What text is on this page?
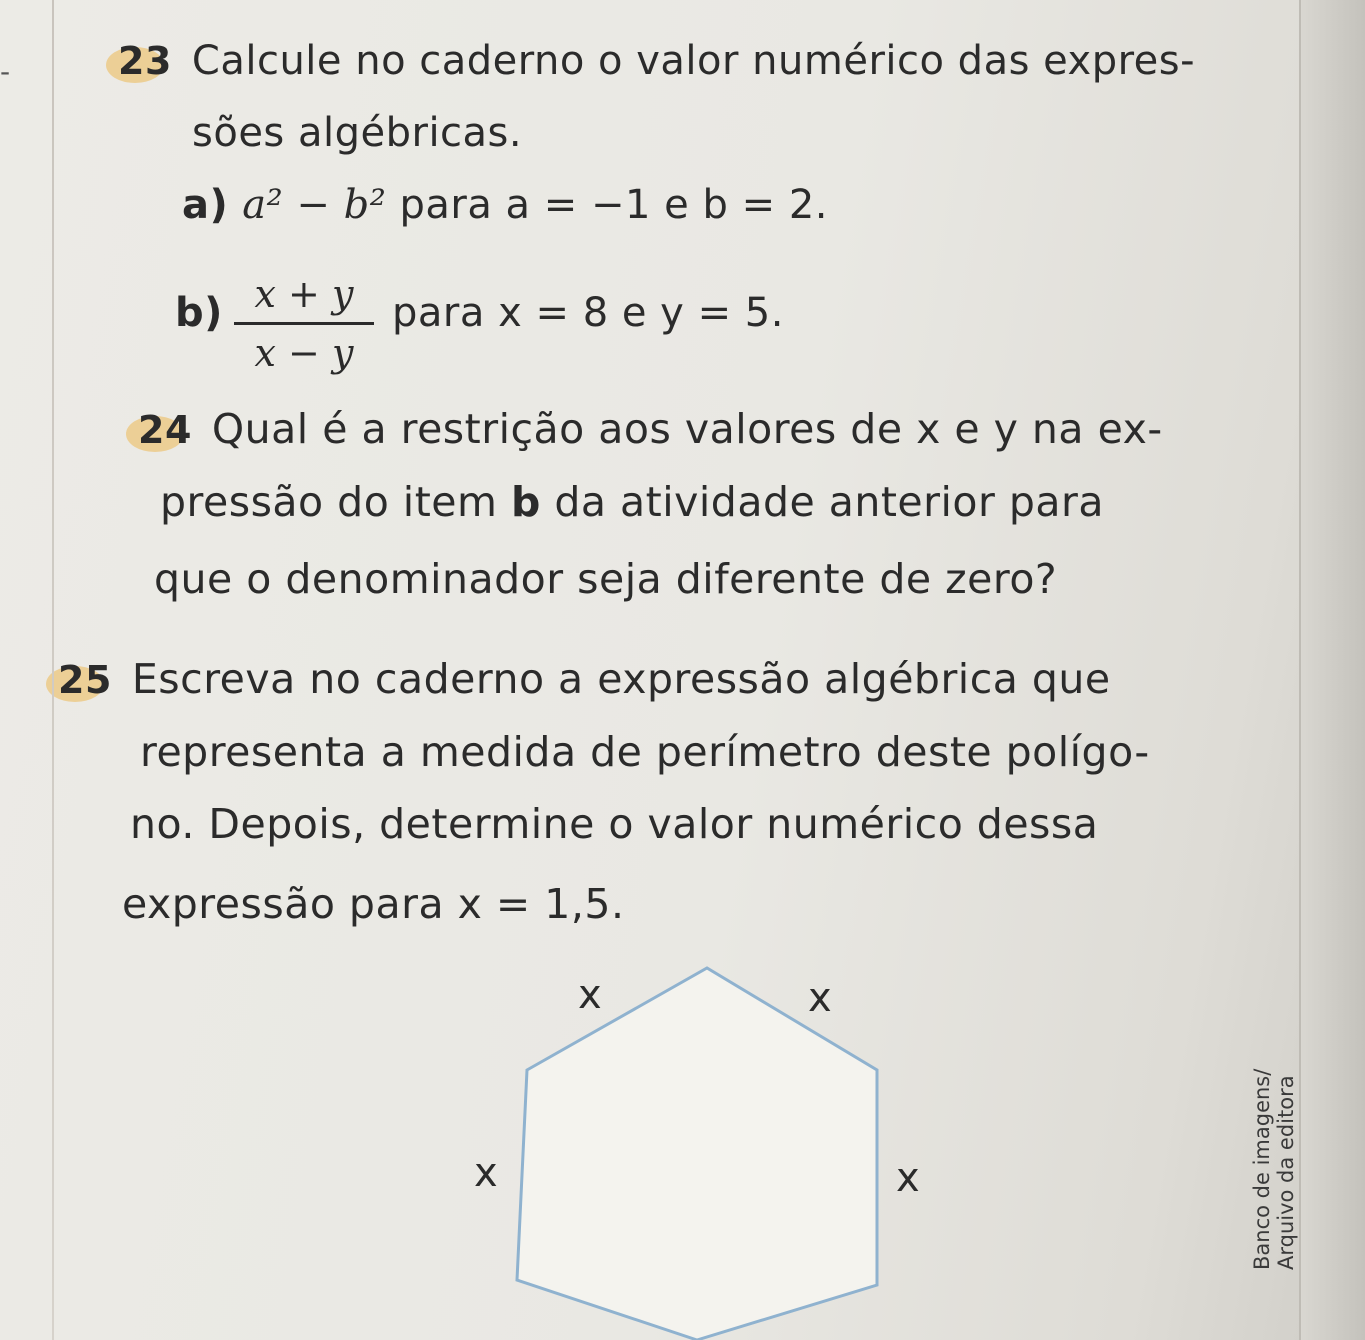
-	23 Calcule no caderno o valor numérico das expres-
sões algébricas.
a) a² − b² para a = −1 e b = 2.
b) x + y
x − y
para x = 8 e y = 5.
24 Qual é a restrição aos valores de x e y na ex-
pressão do item b da atividade anterior para
que o denominador seja diferente de zero?
25 Escreva no caderno a expressão algébrica que
representa a medida de perímetro deste polígo-
no. Depois, determine o valor numérico dessa
expressão para x = 1,5.
x	x
x	x	Banco de imagens/ Arquivo da editora
